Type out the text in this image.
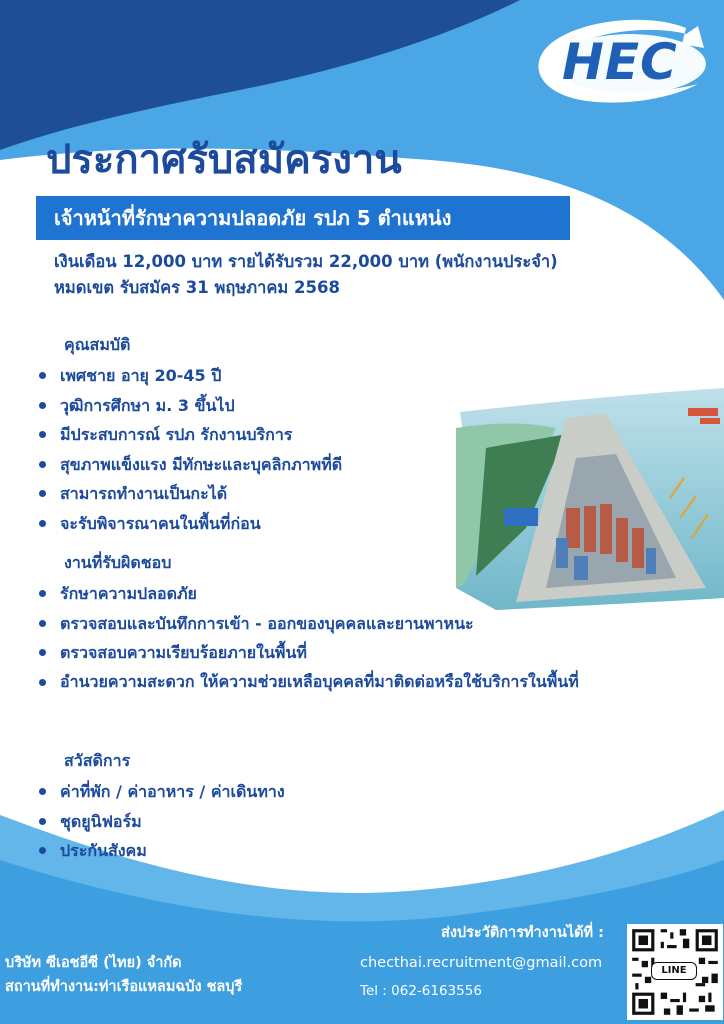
HEC
ประกาศรับสมัครงาน
เจ้าหน้าที่รักษาความปลอดภัย รปภ 5 ตำแหน่ง
เงินเดือน 12,000 บาท รายได้รับรวม 22,000 บาท (พนักงานประจำ)
หมดเขต รับสมัคร 31 พฤษภาคม 2568
คุณสมบัติ
เพศชาย อายุ 20-45 ปี
วุฒิการศึกษา ม. 3 ขึ้นไป
มีประสบการณ์ รปภ รักงานบริการ
สุขภาพแข็งแรง มีทักษะและบุคลิกภาพที่ดี
สามารถทำงานเป็นกะได้
จะรับพิจารณาคนในพื้นที่ก่อน
งานที่รับผิดชอบ
รักษาความปลอดภัย
ตรวจสอบและบันทึกการเข้า - ออกของบุคคลและยานพาหนะ
ตรวจสอบความเรียบร้อยภายในพื้นที่
อำนวยความสะดวก ให้ความช่วยเหลือบุคคลที่มาติดต่อหรือใช้บริการในพื้นที่
สวัสดิการ
ค่าที่พัก / ค่าอาหาร / ค่าเดินทาง
ชุดยูนิฟอร์ม
ประกันสังคม
บริษัท ซีเอชอีซี (ไทย) จำกัด
สถานที่ทำงาน:ท่าเรือแหลมฉบัง ชลบุรี
ส่งประวัติการทำงานได้ที่ :
checthai.recruitment@gmail.com
Tel : 062-6163556
LINE
